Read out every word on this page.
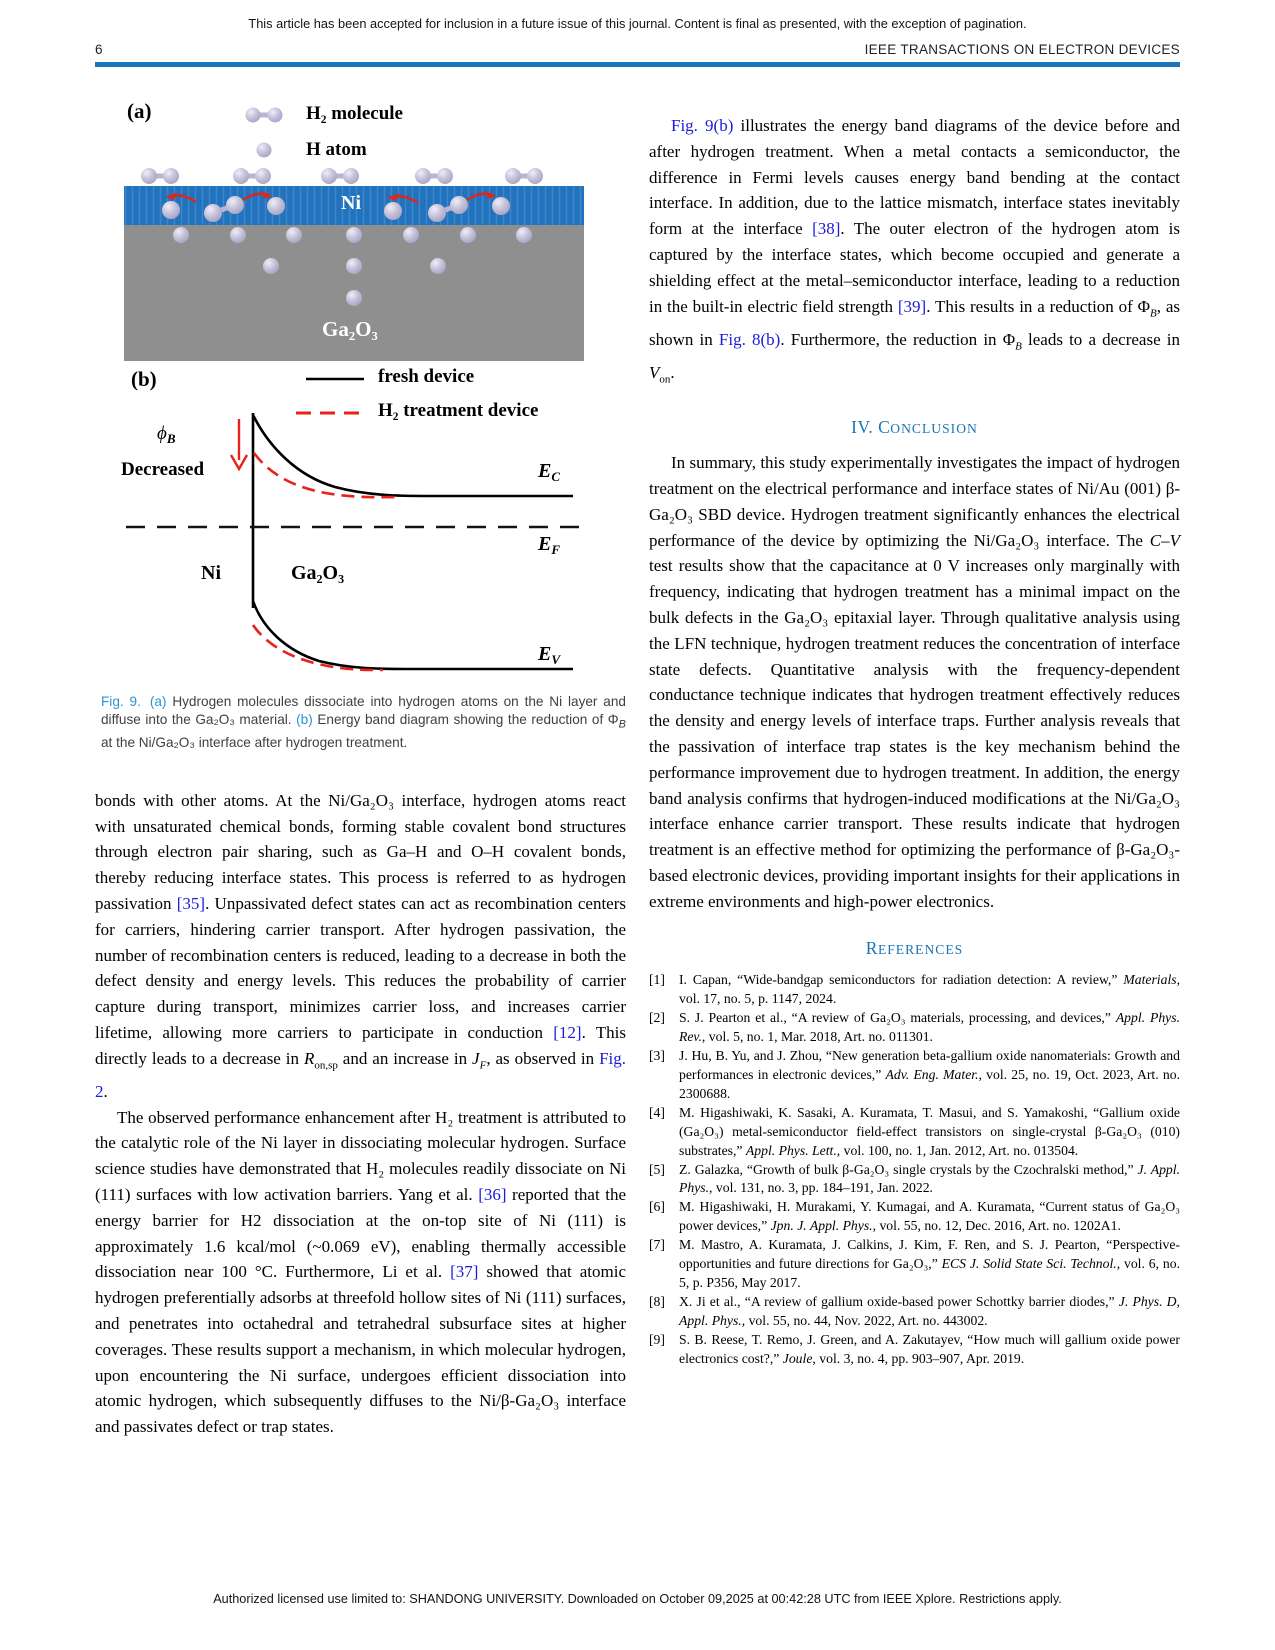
This article has been accepted for inclusion in a future issue of this journal. Content is final as presented, with the exception of pagination.
6	IEEE TRANSACTIONS ON ELECTRON DEVICES
(a)	H₂ molecule
H atom
Ni
Ga₂O₃
(b)	fresh device
H₂ treatment device
$\phi_B$
Decreased
Ni	Ga₂O₃
$E_C$
$E_F$
$E_V$
Fig. 9. (a) Hydrogen molecules dissociate into hydrogen atoms on the Ni layer and diffuse into the Ga₂O₃ material. (b) Energy band diagram showing the reduction of $\Phi_B$ at the Ni/Ga₂O₃ interface after hydrogen treatment.

bonds with other atoms. At the Ni/Ga₂O₃ interface, hydrogen atoms react with unsaturated chemical bonds, forming stable covalent bond structures through electron pair sharing, such as Ga–H and O–H covalent bonds, thereby reducing interface states. This process is referred to as hydrogen passivation [35]. Unpassivated defect states can act as recombination centers for carriers, hindering carrier transport. After hydrogen passivation, the number of recombination centers is reduced, leading to a decrease in both the defect density and energy levels. This reduces the probability of carrier capture during transport, minimizes carrier loss, and increases carrier lifetime, allowing more carriers to participate in conduction [12]. This directly leads to a decrease in $R_{on,sp}$ and an increase in $J_F$, as observed in Fig. 2.

The observed performance enhancement after H₂ treatment is attributed to the catalytic role of the Ni layer in dissociating molecular hydrogen. Surface science studies have demonstrated that H₂ molecules readily dissociate on Ni (111) surfaces with low activation barriers. Yang et al. [36] reported that the energy barrier for H2 dissociation at the on-top site of Ni (111) is approximately 1.6 kcal/mol (~0.069 eV), enabling thermally accessible dissociation near 100 °C. Furthermore, Li et al. [37] showed that atomic hydrogen preferentially adsorbs at threefold hollow sites of Ni (111) surfaces, and penetrates into octahedral and tetrahedral subsurface sites at higher coverages. These results support a mechanism, in which molecular hydrogen, upon encountering the Ni surface, undergoes efficient dissociation into atomic hydrogen, which subsequently diffuses to the Ni/β-Ga₂O₃ interface and passivates defect or trap states.

Fig. 9(b) illustrates the energy band diagrams of the device before and after hydrogen treatment. When a metal contacts a semiconductor, the difference in Fermi levels causes energy band bending at the contact interface. In addition, due to the lattice mismatch, interface states inevitably form at the interface [38]. The outer electron of the hydrogen atom is captured by the interface states, which become occupied and generate a shielding effect at the metal–semiconductor interface, leading to a reduction in the built-in electric field strength [39]. This results in a reduction of $\Phi_B$, as shown in Fig. 8(b). Furthermore, the reduction in $\Phi_B$ leads to a decrease in $V_{on}$.

IV. CONCLUSION

In summary, this study experimentally investigates the impact of hydrogen treatment on the electrical performance and interface states of Ni/Au (001) β-Ga₂O₃ SBD device. Hydrogen treatment significantly enhances the electrical performance of the device by optimizing the Ni/Ga₂O₃ interface. The C–V test results show that the capacitance at 0 V increases only marginally with frequency, indicating that hydrogen treatment has a minimal impact on the bulk defects in the Ga₂O₃ epitaxial layer. Through qualitative analysis using the LFN technique, hydrogen treatment reduces the concentration of interface state defects. Quantitative analysis with the frequency-dependent conductance technique indicates that hydrogen treatment effectively reduces the density and energy levels of interface traps. Further analysis reveals that the passivation of interface trap states is the key mechanism behind the performance improvement due to hydrogen treatment. In addition, the energy band analysis confirms that hydrogen-induced modifications at the Ni/Ga₂O₃ interface enhance carrier transport. These results indicate that hydrogen treatment is an effective method for optimizing the performance of β-Ga₂O₃-based electronic devices, providing important insights for their applications in extreme environments and high-power electronics.

REFERENCES
[1] I. Capan, “Wide-bandgap semiconductors for radiation detection: A review,” Materials, vol. 17, no. 5, p. 1147, 2024.
[2] S. J. Pearton et al., “A review of Ga₂O₃ materials, processing, and devices,” Appl. Phys. Rev., vol. 5, no. 1, Mar. 2018, Art. no. 011301.
[3] J. Hu, B. Yu, and J. Zhou, “New generation beta-gallium oxide nanomaterials: Growth and performances in electronic devices,” Adv. Eng. Mater., vol. 25, no. 19, Oct. 2023, Art. no. 2300688.
[4] M. Higashiwaki, K. Sasaki, A. Kuramata, T. Masui, and S. Yamakoshi, “Gallium oxide (Ga₂O₃) metal-semiconductor field-effect transistors on single-crystal β-Ga₂O₃ (010) substrates,” Appl. Phys. Lett., vol. 100, no. 1, Jan. 2012, Art. no. 013504.
[5] Z. Galazka, “Growth of bulk β-Ga₂O₃ single crystals by the Czochralski method,” J. Appl. Phys., vol. 131, no. 3, pp. 184–191, Jan. 2022.
[6] M. Higashiwaki, H. Murakami, Y. Kumagai, and A. Kuramata, “Current status of Ga₂O₃ power devices,” Jpn. J. Appl. Phys., vol. 55, no. 12, Dec. 2016, Art. no. 1202A1.
[7] M. Mastro, A. Kuramata, J. Calkins, J. Kim, F. Ren, and S. J. Pearton, “Perspective-opportunities and future directions for Ga₂O₃,” ECS J. Solid State Sci. Technol., vol. 6, no. 5, p. P356, May 2017.
[8] X. Ji et al., “A review of gallium oxide-based power Schottky barrier diodes,” J. Phys. D, Appl. Phys., vol. 55, no. 44, Nov. 2022, Art. no. 443002.
[9] S. B. Reese, T. Remo, J. Green, and A. Zakutayev, “How much will gallium oxide power electronics cost?,” Joule, vol. 3, no. 4, pp. 903–907, Apr. 2019.
Authorized licensed use limited to: SHANDONG UNIVERSITY. Downloaded on October 09,2025 at 00:42:28 UTC from IEEE Xplore. Restrictions apply.
